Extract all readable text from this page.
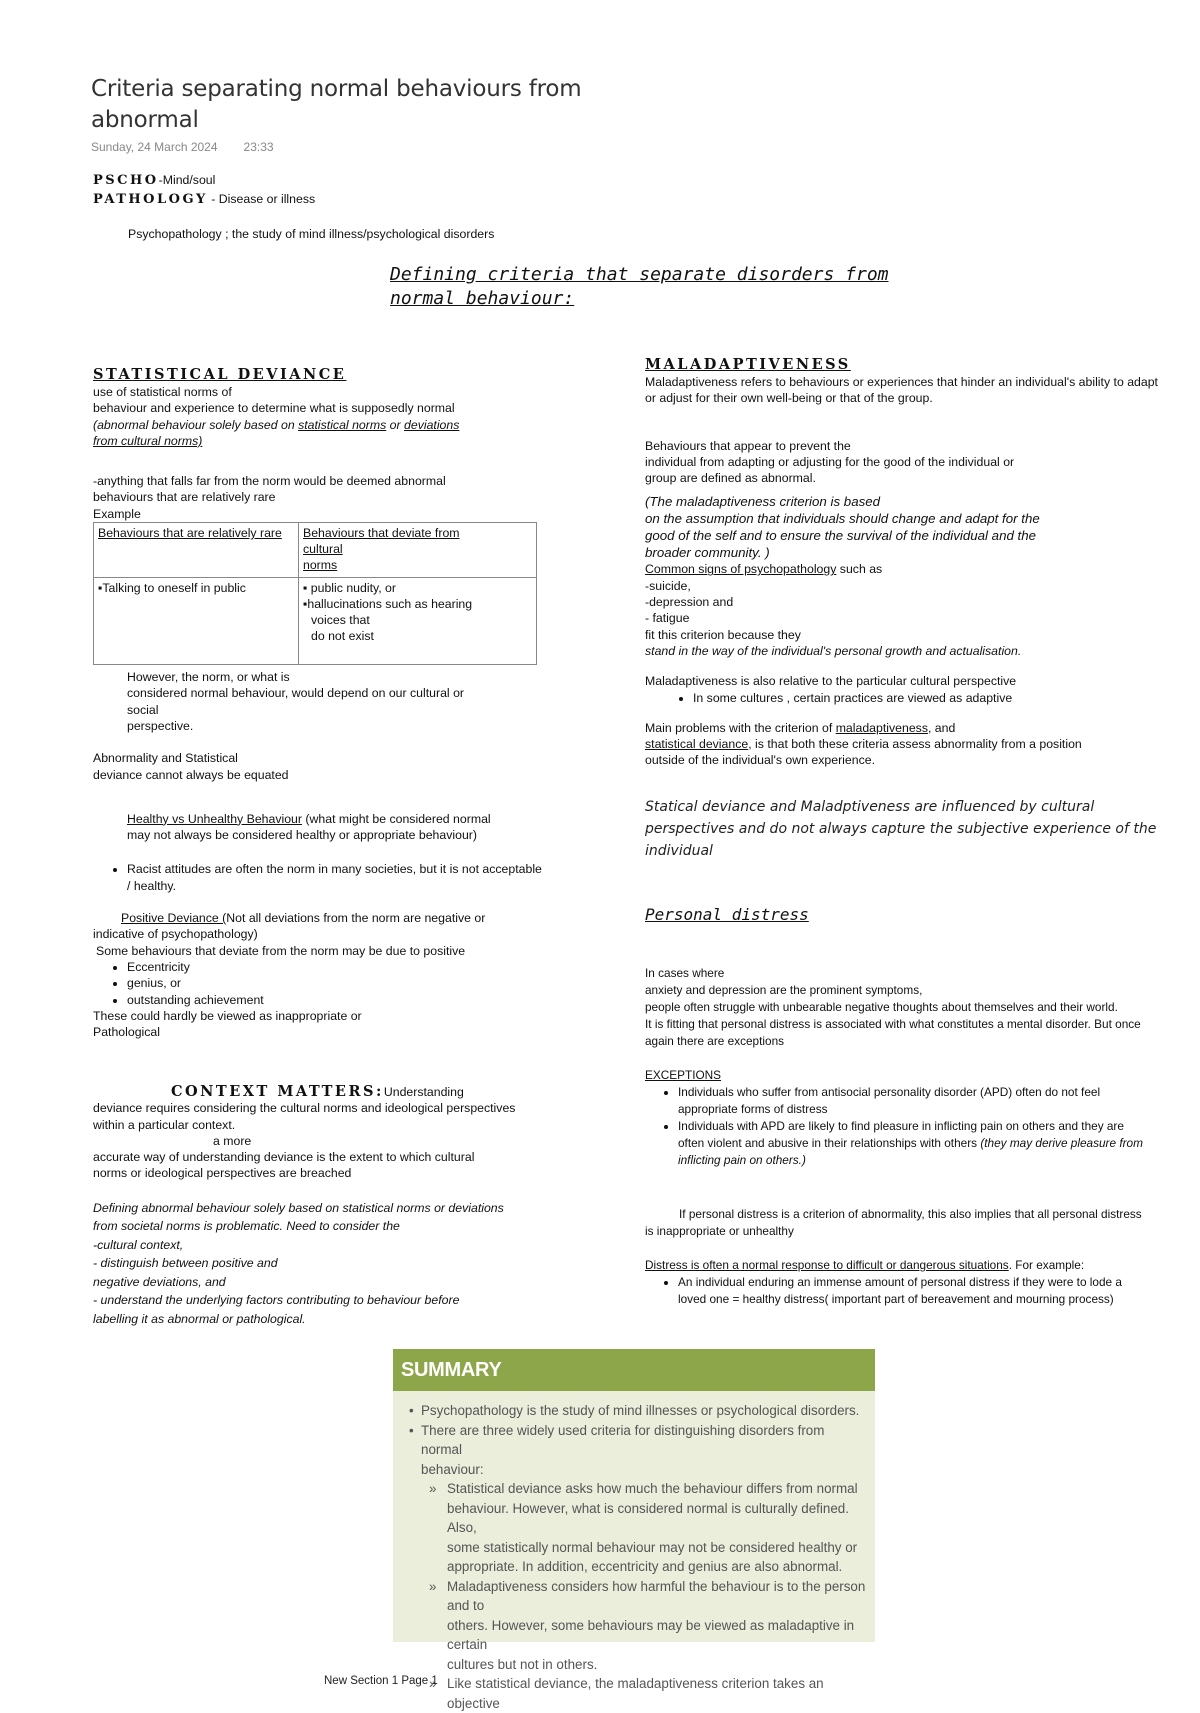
Criteria separating normal behaviours from
abnormal
Sunday, 24 March 2024 23:33
PSCHO-Mind/soul
PATHOLOGY - Disease or illness
Psychopathology ; the study of mind illness/psychological disorders
Defining criteria that separate disorders from
normal behaviour:
STATISTICAL DEVIANCE
use of statistical norms of
behaviour and experience to determine what is supposedly normal
(abnormal behaviour solely based on statistical norms or deviations
from cultural norms)
-anything that falls far from the norm would be deemed abnormal
behaviours that are relatively rare
Example
Behaviours that are relatively rare	Behaviours that deviate from
cultural
norms

▪Talking to oneself in public	▪ public nudity, or
▪hallucinations such as hearing
voices that
do not exist
However, the norm, or what is
considered normal behaviour, would depend on our cultural or
social
perspective.
Abnormality and Statistical
deviance cannot always be equated
Healthy vs Unhealthy Behaviour (what might be considered normal
may not always be considered healthy or appropriate behaviour)
• Racist attitudes are often the norm in many societies, but it is not acceptable
/ healthy.
Positive Deviance (Not all deviations from the norm are negative or
indicative of psychopathology)
Some behaviours that deviate from the norm may be due to positive
• Eccentricity
• genius, or
• outstanding achievement
These could hardly be viewed as inappropriate or
Pathological
CONTEXT MATTERS:Understanding
deviance requires considering the cultural norms and ideological perspectives
within a particular context.
a more
accurate way of understanding deviance is the extent to which cultural
norms or ideological perspectives are breached
Defining abnormal behaviour solely based on statistical norms or deviations
from societal norms is problematic. Need to consider the
-cultural context,
- distinguish between positive and
negative deviations, and
- understand the underlying factors contributing to behaviour before
labelling it as abnormal or pathological.
MALADAPTIVENESS
Maladaptiveness refers to behaviours or experiences that hinder an individual's ability to adapt
or adjust for their own well-being or that of the group.
Behaviours that appear to prevent the
individual from adapting or adjusting for the good of the individual or
group are defined as abnormal.
(The maladaptiveness criterion is based
on the assumption that individuals should change and adapt for the
good of the self and to ensure the survival of the individual and the
broader community. )
Common signs of psychopathology such as
-suicide,
-depression and
- fatigue
fit this criterion because they
stand in the way of the individual's personal growth and actualisation.
Maladaptiveness is also relative to the particular cultural perspective
• In some cultures , certain practices are viewed as adaptive
Main problems with the criterion of maladaptiveness, and
statistical deviance, is that both these criteria assess abnormality from a position
outside of the individual's own experience.
Statical deviance and Maladptiveness are influenced by cultural
perspectives and do not always capture the subjective experience of the
individual
Personal distress
In cases where
anxiety and depression are the prominent symptoms,
people often struggle with unbearable negative thoughts about themselves and their world.
It is fitting that personal distress is associated with what constitutes a mental disorder. But once
again there are exceptions
EXCEPTIONS
• Individuals who suffer from antisocial personality disorder (APD) often do not feel
appropriate forms of distress
• Individuals with APD are likely to find pleasure in inflicting pain on others and they are
often violent and abusive in their relationships with others (they may derive pleasure from
inflicting pain on others.)
If personal distress is a criterion of abnormality, this also implies that all personal distress
is inappropriate or unhealthy
Distress is often a normal response to difficult or dangerous situations. For example:
• An individual enduring an immense amount of personal distress if they were to lode a
loved one = healthy distress( important part of bereavement and mourning process)
SUMMARY
• Psychopathology is the study of mind illnesses or psychological disorders.
• There are three widely used criteria for distinguishing disorders from normal
behaviour:
» Statistical deviance asks how much the behaviour differs from normal
behaviour. However, what is considered normal is culturally defined. Also,
some statistically normal behaviour may not be considered healthy or
appropriate. In addition, eccentricity and genius are also abnormal.
» Maladaptiveness considers how harmful the behaviour is to the person and to
others. However, some behaviours may be viewed as maladaptive in certain
cultures but not in others.
» Like statistical deviance, the maladaptiveness criterion takes an objective
New Section 1 Page 1
